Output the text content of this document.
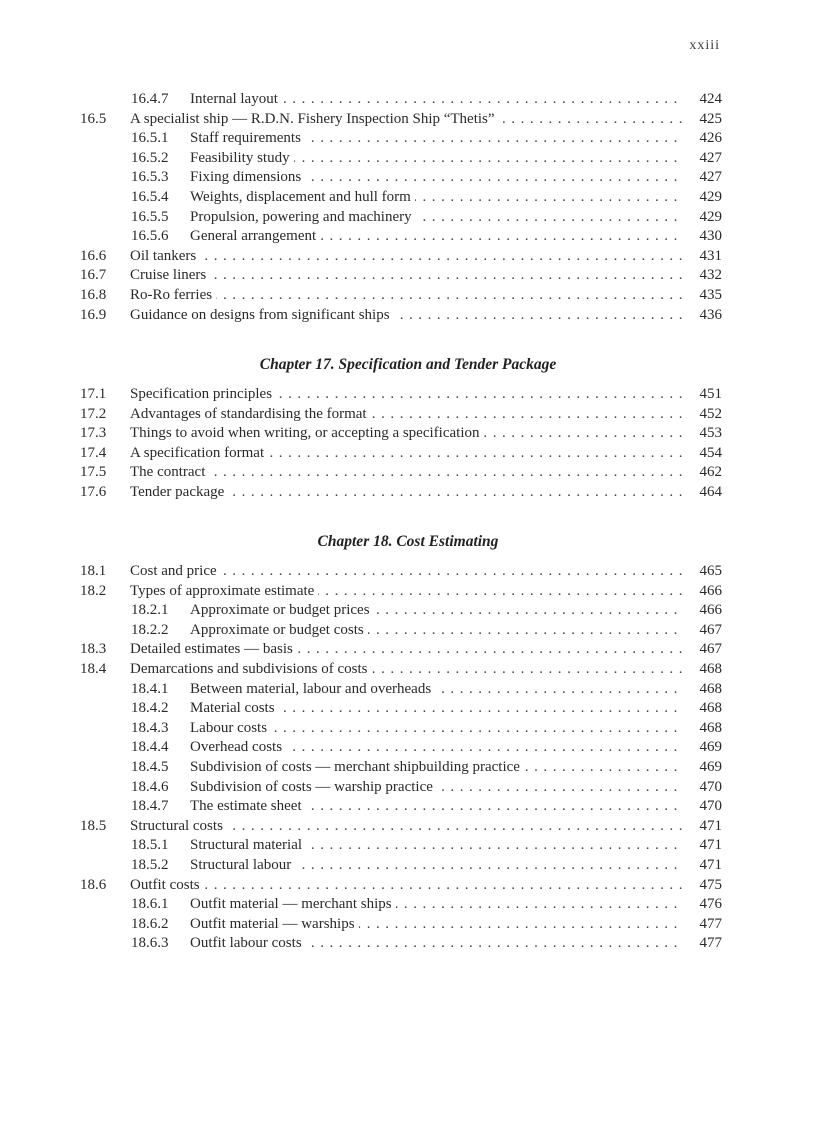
xxiii
16.4.7 Internal layout . . .	424
16.5 A specialist ship — R.D.N. Fishery Inspection Ship “Thetis” . . .	425
16.5.1 Staff requirements . . .	426
16.5.2 Feasibility study . . .	427
16.5.3 Fixing dimensions . . .	427
16.5.4 Weights, displacement and hull form . . .	429
16.5.5 Propulsion, powering and machinery . . .	429
16.5.6 General arrangement . . .	430
16.6 Oil tankers . . .	431
16.7 Cruise liners . . .	432
16.8 Ro-Ro ferries . . .	435
16.9 Guidance on designs from significant ships . . .	436
Chapter 17. Specification and Tender Package
17.1 Specification principles . . .	451
17.2 Advantages of standardising the format . . .	452
17.3 Things to avoid when writing, or accepting a specification . . .	453
17.4 A specification format . . .	454
17.5 The contract . . .	462
17.6 Tender package . . .	464
Chapter 18. Cost Estimating
18.1 Cost and price . . .	465
18.2 Types of approximate estimate . . .	466
18.2.1 Approximate or budget prices . . .	466
18.2.2 Approximate or budget costs . . .	467
18.3 Detailed estimates — basis . . .	467
18.4 Demarcations and subdivisions of costs . . .	468
18.4.1 Between material, labour and overheads . . .	468
18.4.2 Material costs . . .	468
18.4.3 Labour costs . . .	468
18.4.4 Overhead costs . . .	469
18.4.5 Subdivision of costs — merchant shipbuilding practice . . .	469
18.4.6 Subdivision of costs — warship practice . . .	470
18.4.7 The estimate sheet . . .	470
18.5 Structural costs . . .	471
18.5.1 Structural material . . .	471
18.5.2 Structural labour . . .	471
18.6 Outfit costs . . .	475
18.6.1 Outfit material — merchant ships . . .	476
18.6.2 Outfit material — warships . . .	477
18.6.3 Outfit labour costs . . .	477
